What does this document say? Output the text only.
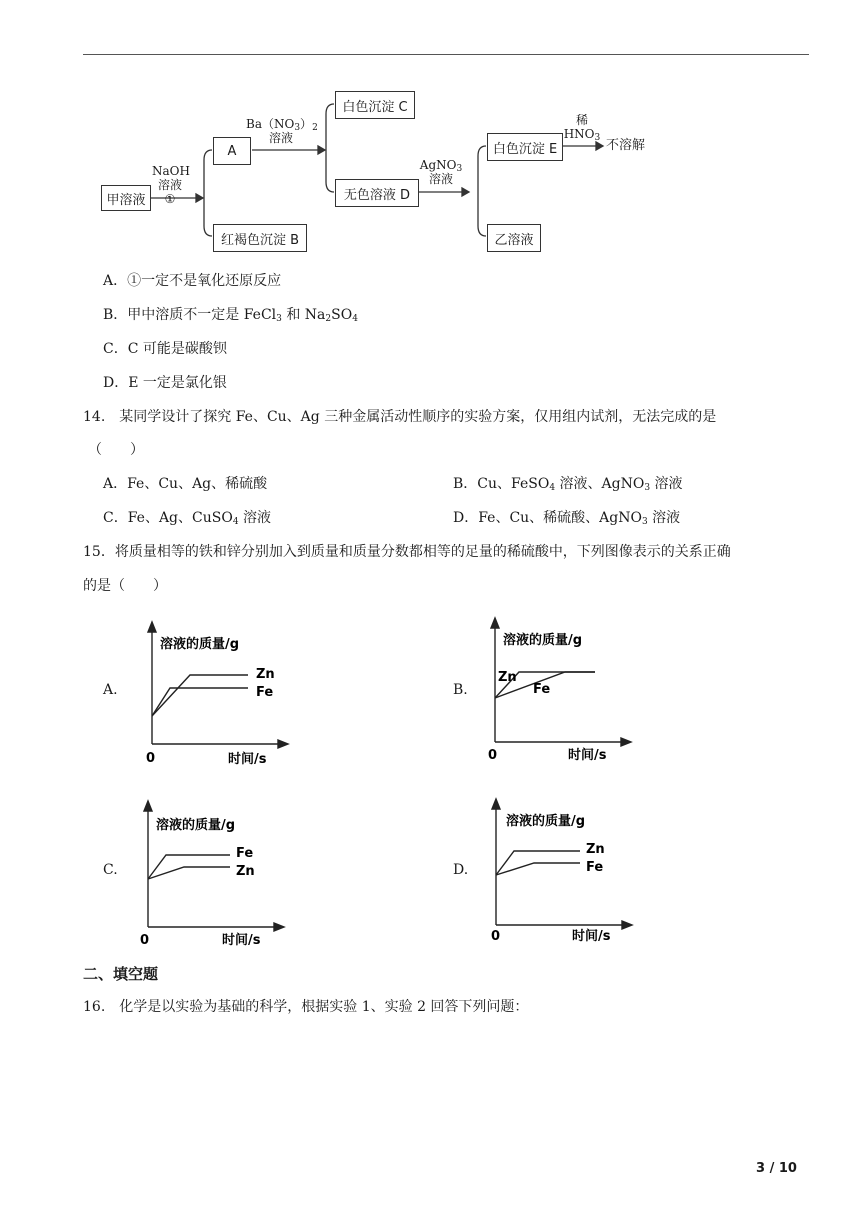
甲溶液
A
红褐色沉淀 B
白色沉淀 C
无色溶液 D
白色沉淀 E
乙溶液
NaOH
溶液
①
$Ba(NO_3)_2$
溶液
AgNO$_3$
溶液
稀
$HNO_3$ 不溶解
A．①一定不是氧化还原反应
B．甲中溶质不一定是 FeCl$_3$ 和 $Na_2SO_4$
C．C 可能是碳酸钡
D．E 一定是氯化银
14.　某同学设计了探究 Fe、Cu、Ag 三种金属活动性顺序的实验方案，仅用组内试剂，无法完成的是
（　　）
A．Fe、Cu、Ag、稀硫酸	B．Cu、FeSO$_4$ 溶液、AgNO$_3$ 溶液
C．Fe、Ag、CuSO$_4$ 溶液	D．Fe、Cu、稀硫酸、AgNO$_3$ 溶液
15．将质量相等的铁和锌分别加入到质量和质量分数都相等的足量的稀硫酸中，下列图像表示的关系正确
的是（　　）
A.
溶液的质量/g
Zn
Fe
0	时间/s
B.
溶液的质量/g
Zn
Fe
0	时间/s
C.
溶液的质量/g
Fe
Zn
0	时间/s
D.
溶液的质量/g
Zn
Fe
0	时间/s
二、填空题
16.　化学是以实验为基础的科学，根据实验 1、实验 2 回答下列问题：
3 / 10
